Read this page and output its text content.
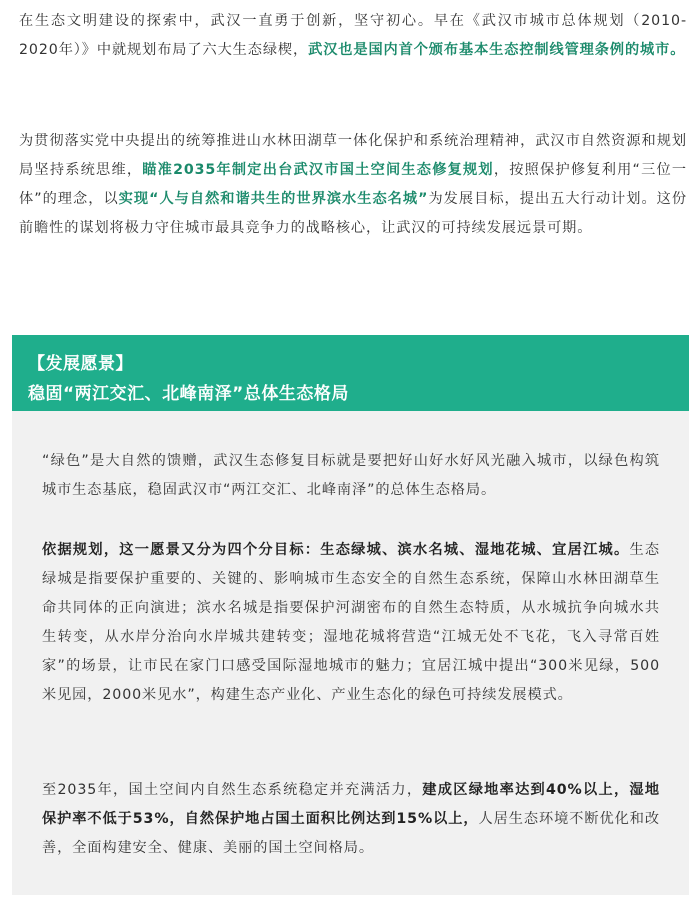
在生态文明建设的探索中，武汉一直勇于创新，坚守初心。早在《武汉市城市总体规划（2010-2020年）》中就规划布局了六大生态绿楔，武汉也是国内首个颁布基本生态控制线管理条例的城市。

为贯彻落实党中央提出的统筹推进山水林田湖草一体化保护和系统治理精神，武汉市自然资源和规划局坚持系统思维，瞄准2035年制定出台武汉市国土空间生态修复规划，按照保护修复利用“三位一体”的理念，以实现“人与自然和谐共生的世界滨水生态名城”为发展目标，提出五大行动计划。这份前瞻性的谋划将极力守住城市最具竞争力的战略核心，让武汉的可持续发展远景可期。

【发展愿景】
稳固“两江交汇、北峰南泽”总体生态格局

“绿色”是大自然的馈赠，武汉生态修复目标就是要把好山好水好风光融入城市，以绿色构筑城市生态基底，稳固武汉市“两江交汇、北峰南泽”的总体生态格局。

依据规划，这一愿景又分为四个分目标：生态绿城、滨水名城、湿地花城、宜居江城。生态绿城是指要保护重要的、关键的、影响城市生态安全的自然生态系统，保障山水林田湖草生命共同体的正向演进；滨水名城是指要保护河湖密布的自然生态特质，从水城抗争向城水共生转变，从水岸分治向水岸城共建转变；湿地花城将营造“江城无处不飞花，飞入寻常百姓家”的场景，让市民在家门口感受国际湿地城市的魅力；宜居江城中提出“300米见绿，500米见园，2000米见水”，构建生态产业化、产业生态化的绿色可持续发展模式。

至2035年，国土空间内自然生态系统稳定并充满活力，建成区绿地率达到40%以上，湿地保护率不低于53%，自然保护地占国土面积比例达到15%以上，人居生态环境不断优化和改善，全面构建安全、健康、美丽的国土空间格局。
